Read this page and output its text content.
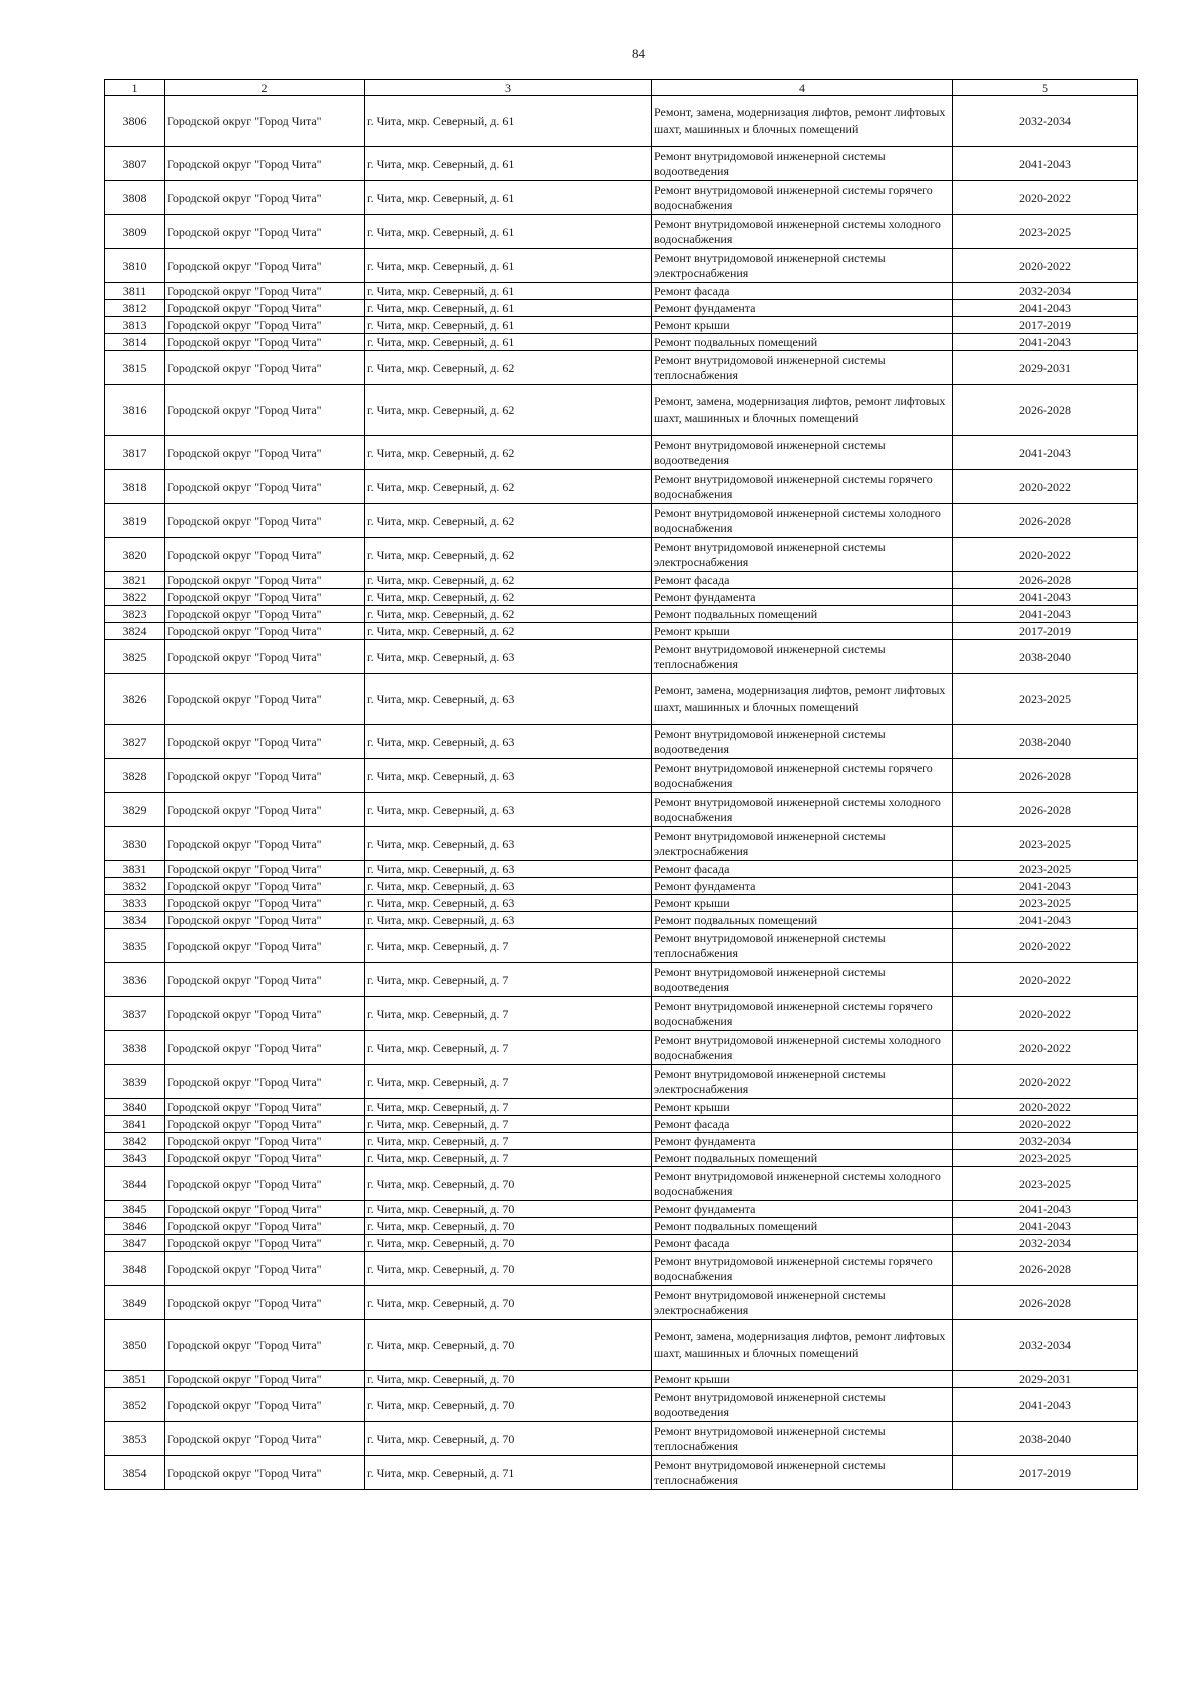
84
1	2	3	4	5
3806	Городской округ "Город Чита"	г. Чита, мкр. Северный, д. 61	Ремонт, замена, модернизация лифтов, ремонт лифтовых шахт, машинных и блочных помещений	2032-2034
3807	Городской округ "Город Чита"	г. Чита, мкр. Северный, д. 61	Ремонт внутридомовой инженерной системы водоотведения	2041-2043
3808	Городской округ "Город Чита"	г. Чита, мкр. Северный, д. 61	Ремонт внутридомовой инженерной системы горячего водоснабжения	2020-2022
3809	Городской округ "Город Чита"	г. Чита, мкр. Северный, д. 61	Ремонт внутридомовой инженерной системы холодного водоснабжения	2023-2025
3810	Городской округ "Город Чита"	г. Чита, мкр. Северный, д. 61	Ремонт внутридомовой инженерной системы электроснабжения	2020-2022
3811	Городской округ "Город Чита"	г. Чита, мкр. Северный, д. 61	Ремонт фасада	2032-2034
3812	Городской округ "Город Чита"	г. Чита, мкр. Северный, д. 61	Ремонт фундамента	2041-2043
3813	Городской округ "Город Чита"	г. Чита, мкр. Северный, д. 61	Ремонт крыши	2017-2019
3814	Городской округ "Город Чита"	г. Чита, мкр. Северный, д. 61	Ремонт подвальных помещений	2041-2043
3815	Городской округ "Город Чита"	г. Чита, мкр. Северный, д. 62	Ремонт внутридомовой инженерной системы теплоснабжения	2029-2031
3816	Городской округ "Город Чита"	г. Чита, мкр. Северный, д. 62	Ремонт, замена, модернизация лифтов, ремонт лифтовых шахт, машинных и блочных помещений	2026-2028
3817	Городской округ "Город Чита"	г. Чита, мкр. Северный, д. 62	Ремонт внутридомовой инженерной системы водоотведения	2041-2043
3818	Городской округ "Город Чита"	г. Чита, мкр. Северный, д. 62	Ремонт внутридомовой инженерной системы горячего водоснабжения	2020-2022
3819	Городской округ "Город Чита"	г. Чита, мкр. Северный, д. 62	Ремонт внутридомовой инженерной системы холодного водоснабжения	2026-2028
3820	Городской округ "Город Чита"	г. Чита, мкр. Северный, д. 62	Ремонт внутридомовой инженерной системы электроснабжения	2020-2022
3821	Городской округ "Город Чита"	г. Чита, мкр. Северный, д. 62	Ремонт фасада	2026-2028
3822	Городской округ "Город Чита"	г. Чита, мкр. Северный, д. 62	Ремонт фундамента	2041-2043
3823	Городской округ "Город Чита"	г. Чита, мкр. Северный, д. 62	Ремонт подвальных помещений	2041-2043
3824	Городской округ "Город Чита"	г. Чита, мкр. Северный, д. 62	Ремонт крыши	2017-2019
3825	Городской округ "Город Чита"	г. Чита, мкр. Северный, д. 63	Ремонт внутридомовой инженерной системы теплоснабжения	2038-2040
3826	Городской округ "Город Чита"	г. Чита, мкр. Северный, д. 63	Ремонт, замена, модернизация лифтов, ремонт лифтовых шахт, машинных и блочных помещений	2023-2025
3827	Городской округ "Город Чита"	г. Чита, мкр. Северный, д. 63	Ремонт внутридомовой инженерной системы водоотведения	2038-2040
3828	Городской округ "Город Чита"	г. Чита, мкр. Северный, д. 63	Ремонт внутридомовой инженерной системы горячего водоснабжения	2026-2028
3829	Городской округ "Город Чита"	г. Чита, мкр. Северный, д. 63	Ремонт внутридомовой инженерной системы холодного водоснабжения	2026-2028
3830	Городской округ "Город Чита"	г. Чита, мкр. Северный, д. 63	Ремонт внутридомовой инженерной системы электроснабжения	2023-2025
3831	Городской округ "Город Чита"	г. Чита, мкр. Северный, д. 63	Ремонт фасада	2023-2025
3832	Городской округ "Город Чита"	г. Чита, мкр. Северный, д. 63	Ремонт фундамента	2041-2043
3833	Городской округ "Город Чита"	г. Чита, мкр. Северный, д. 63	Ремонт крыши	2023-2025
3834	Городской округ "Город Чита"	г. Чита, мкр. Северный, д. 63	Ремонт подвальных помещений	2041-2043
3835	Городской округ "Город Чита"	г. Чита, мкр. Северный, д. 7	Ремонт внутридомовой инженерной системы теплоснабжения	2020-2022
3836	Городской округ "Город Чита"	г. Чита, мкр. Северный, д. 7	Ремонт внутридомовой инженерной системы водоотведения	2020-2022
3837	Городской округ "Город Чита"	г. Чита, мкр. Северный, д. 7	Ремонт внутридомовой инженерной системы горячего водоснабжения	2020-2022
3838	Городской округ "Город Чита"	г. Чита, мкр. Северный, д. 7	Ремонт внутридомовой инженерной системы холодного водоснабжения	2020-2022
3839	Городской округ "Город Чита"	г. Чита, мкр. Северный, д. 7	Ремонт внутридомовой инженерной системы электроснабжения	2020-2022
3840	Городской округ "Город Чита"	г. Чита, мкр. Северный, д. 7	Ремонт крыши	2020-2022
3841	Городской округ "Город Чита"	г. Чита, мкр. Северный, д. 7	Ремонт фасада	2020-2022
3842	Городской округ "Город Чита"	г. Чита, мкр. Северный, д. 7	Ремонт фундамента	2032-2034
3843	Городской округ "Город Чита"	г. Чита, мкр. Северный, д. 7	Ремонт подвальных помещений	2023-2025
3844	Городской округ "Город Чита"	г. Чита, мкр. Северный, д. 70	Ремонт внутридомовой инженерной системы холодного водоснабжения	2023-2025
3845	Городской округ "Город Чита"	г. Чита, мкр. Северный, д. 70	Ремонт фундамента	2041-2043
3846	Городской округ "Город Чита"	г. Чита, мкр. Северный, д. 70	Ремонт подвальных помещений	2041-2043
3847	Городской округ "Город Чита"	г. Чита, мкр. Северный, д. 70	Ремонт фасада	2032-2034
3848	Городской округ "Город Чита"	г. Чита, мкр. Северный, д. 70	Ремонт внутридомовой инженерной системы горячего водоснабжения	2026-2028
3849	Городской округ "Город Чита"	г. Чита, мкр. Северный, д. 70	Ремонт внутридомовой инженерной системы электроснабжения	2026-2028
3850	Городской округ "Город Чита"	г. Чита, мкр. Северный, д. 70	Ремонт, замена, модернизация лифтов, ремонт лифтовых шахт, машинных и блочных помещений	2032-2034
3851	Городской округ "Город Чита"	г. Чита, мкр. Северный, д. 70	Ремонт крыши	2029-2031
3852	Городской округ "Город Чита"	г. Чита, мкр. Северный, д. 70	Ремонт внутридомовой инженерной системы водоотведения	2041-2043
3853	Городской округ "Город Чита"	г. Чита, мкр. Северный, д. 70	Ремонт внутридомовой инженерной системы теплоснабжения	2038-2040
3854	Городской округ "Город Чита"	г. Чита, мкр. Северный, д. 71	Ремонт внутридомовой инженерной системы теплоснабжения	2017-2019
